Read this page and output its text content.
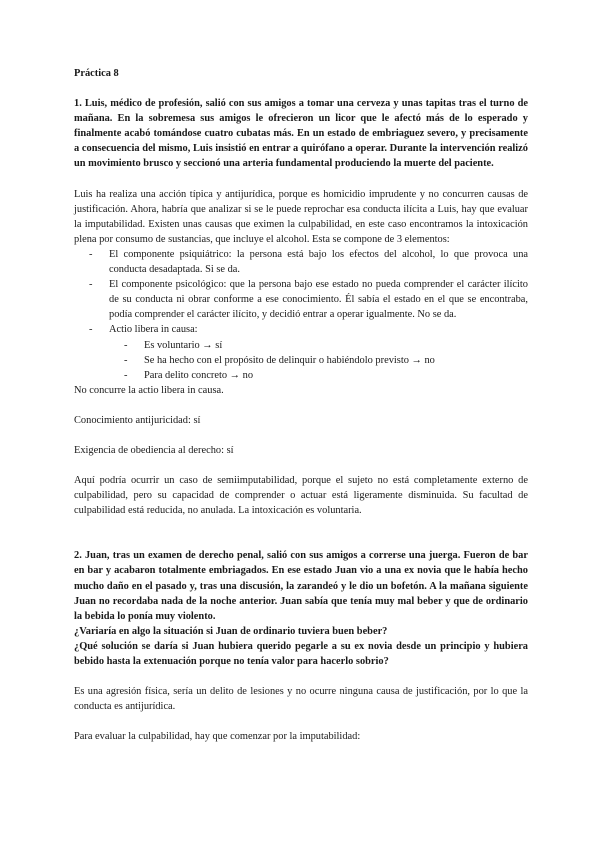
Práctica 8

1. Luis, médico de profesión, salió con sus amigos a tomar una cerveza y unas tapitas tras el turno de mañana. En la sobremesa sus amigos le ofrecieron un licor que le afectó más de lo esperado y finalmente acabó tomándose cuatro cubatas más. En un estado de embriaguez severo, y precisamente a consecuencia del mismo, Luis insistió en entrar a quirófano a operar. Durante la intervención realizó un movimiento brusco y seccionó una arteria fundamental produciendo la muerte del paciente.

Luis ha realiza una acción típica y antijurídica, porque es homicidio imprudente y no concurren causas de justificación. Ahora, habría que analizar si se le puede reprochar esa conducta ilícita a Luis, hay que evaluar la imputabilidad. Existen unas causas que eximen la culpabilidad, en este caso encontramos la intoxicación plena por consumo de sustancias, que incluye el alcohol. Esta se compone de 3 elementos:

- El componente psiquiátrico: la persona está bajo los efectos del alcohol, lo que provoca una conducta desadaptada. Si se da.
- El componente psicológico: que la persona bajo ese estado no pueda comprender el carácter ilícito de su conducta ni obrar conforme a ese conocimiento. Él sabía el estado en el que se encontraba, podía comprender el carácter ilícito, y decidió entrar a operar igualmente. No se da.
- Actio libera in causa:
- Es voluntario → sí
- Se ha hecho con el propósito de delinquir o habiéndolo previsto → no
- Para delito concreto → no

No concurre la actio libera in causa.

Conocimiento antijuricidad: sí

Exigencia de obediencia al derecho: sí

Aquí podría ocurrir un caso de semiimputabilidad, porque el sujeto no está completamente externo de culpabilidad, pero su capacidad de comprender o actuar está ligeramente disminuida. Su facultad de culpabilidad está reducida, no anulada. La intoxicación es voluntaria.

2. Juan, tras un examen de derecho penal, salió con sus amigos a correrse una juerga. Fueron de bar en bar y acabaron totalmente embriagados. En ese estado Juan vio a una ex novia que le había hecho mucho daño en el pasado y, tras una discusión, la zarandeó y le dio un bofetón. A la mañana siguiente Juan no recordaba nada de la noche anterior. Juan sabía que tenía muy mal beber y que de ordinario la bebida lo ponía muy violento.

¿Variaría en algo la situación si Juan de ordinario tuviera buen beber?

¿Qué solución se daría si Juan hubiera querido pegarle a su ex novia desde un principio y hubiera bebido hasta la extenuación porque no tenía valor para hacerlo sobrio?

Es una agresión física, sería un delito de lesiones y no ocurre ninguna causa de justificación, por lo que la conducta es antijurídica.

Para evaluar la culpabilidad, hay que comenzar por la imputabilidad:
